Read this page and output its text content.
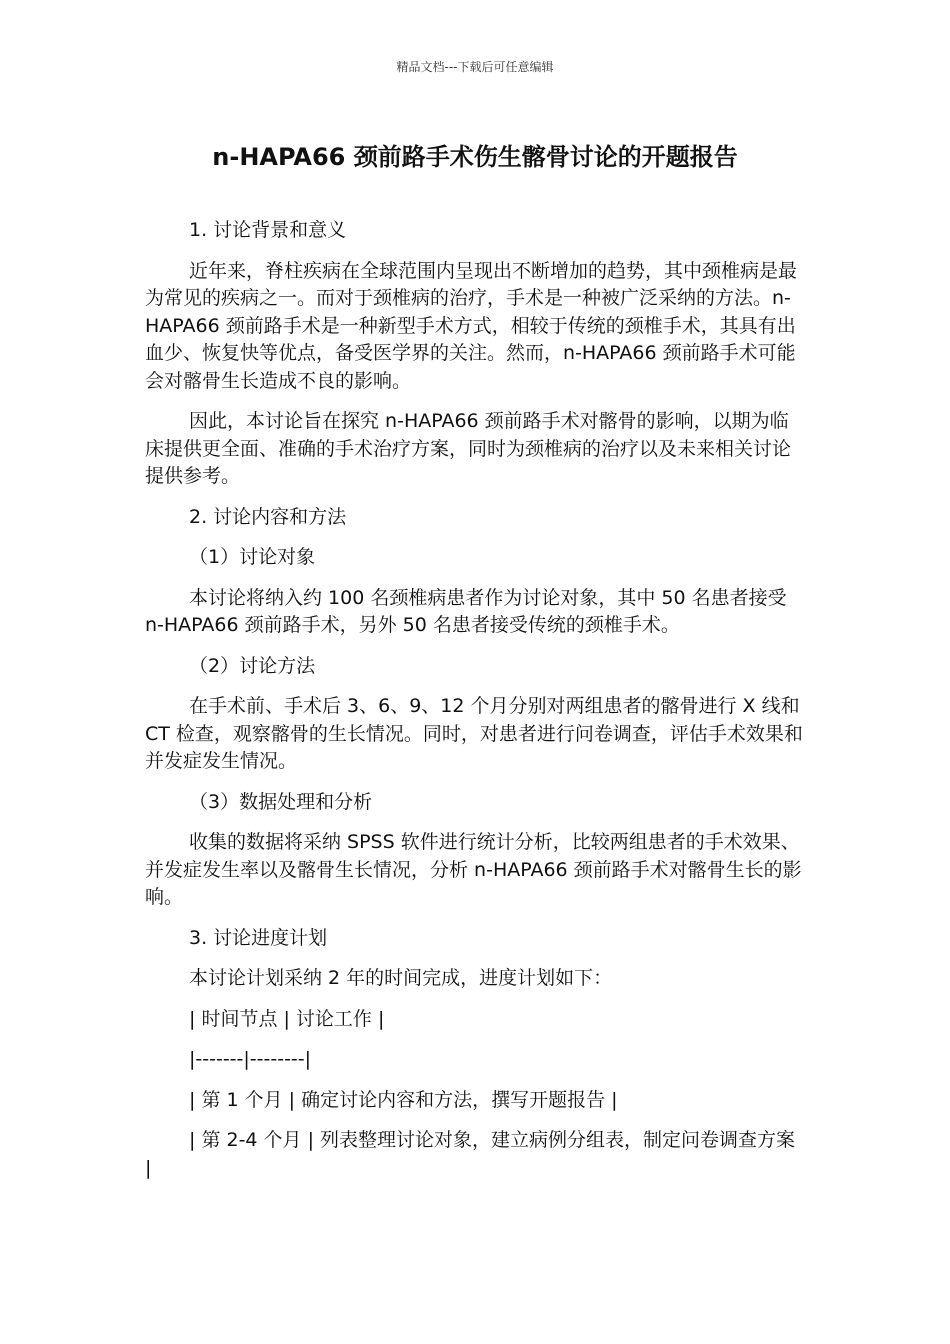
精品文档---下载后可任意编辑
n-HAPA66 颈前路手术伤生髂骨讨论的开题报告

1. 讨论背景和意义

近年来，脊柱疾病在全球范围内呈现出不断增加的趋势，其中颈椎病是最为常见的疾病之一。而对于颈椎病的治疗，手术是一种被广泛采纳的方法。n-HAPA66 颈前路手术是一种新型手术方式，相较于传统的颈椎手术，其具有出血少、恢复快等优点，备受医学界的关注。然而，n-HAPA66 颈前路手术可能会对髂骨生长造成不良的影响。

因此，本讨论旨在探究 n-HAPA66 颈前路手术对髂骨的影响，以期为临床提供更全面、准确的手术治疗方案，同时为颈椎病的治疗以及未来相关讨论提供参考。

2. 讨论内容和方法

（1）讨论对象

本讨论将纳入约 100 名颈椎病患者作为讨论对象，其中 50 名患者接受 n-HAPA66 颈前路手术，另外 50 名患者接受传统的颈椎手术。

（2）讨论方法

在手术前、手术后 3、6、9、12 个月分别对两组患者的髂骨进行 X 线和 CT 检查，观察髂骨的生长情况。同时，对患者进行问卷调查，评估手术效果和并发症发生情况。

（3）数据处理和分析

收集的数据将采纳 SPSS 软件进行统计分析，比较两组患者的手术效果、并发症发生率以及髂骨生长情况，分析 n-HAPA66 颈前路手术对髂骨生长的影响。

3. 讨论进度计划

本讨论计划采纳 2 年的时间完成，进度计划如下：

| 时间节点 | 讨论工作 |

|-------|--------|

| 第 1 个月 | 确定讨论内容和方法，撰写开题报告 |

| 第 2-4 个月 | 列表整理讨论对象，建立病例分组表，制定问卷调查方案 |
